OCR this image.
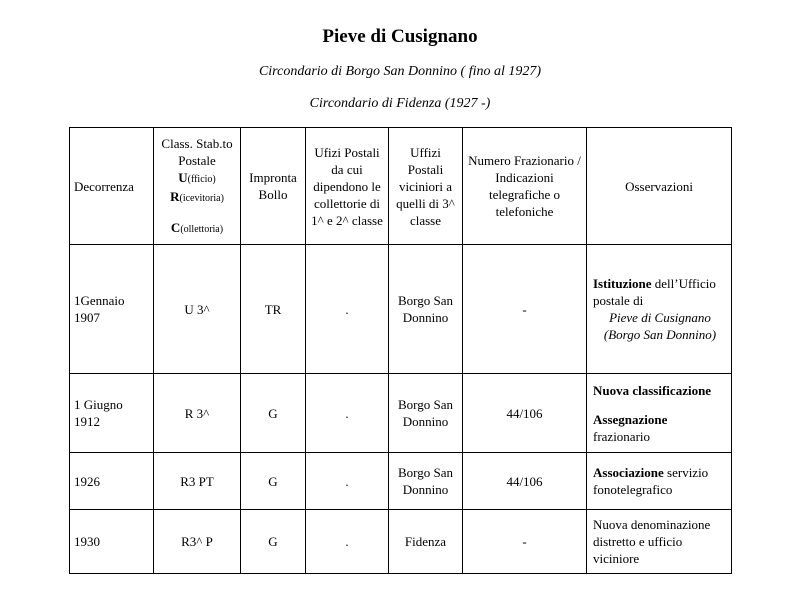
Pieve di Cusignano
Circondario di Borgo San Donnino ( fino al 1927)
Circondario di Fidenza (1927 -)
Decorrenza	Class. Stab.to Postale
U(fficio)
R(icevitoria)
C(ollettoria)	Impronta Bollo	Ufizi Postali da cui dipendono le collettorie di 1^ e 2^ classe	Uffizi Postali viciniori a quelli di 3^ classe	Numero Frazionario / Indicazioni telegrafiche o telefoniche	Osservazioni
1Gennaio 1907	U 3^	TR	.	Borgo San Donnino	-	Istituzione dell’Ufficio postale di
Pieve di Cusignano
(Borgo San Donnino)

1 Giugno 1912	R 3^	G	.	Borgo San Donnino	44/106	Nuova classificazione
Assegnazione
frazionario

1926	R3 PT	G	.	Borgo San Donnino	44/106	Associazione servizio fonotelegrafico
1930	R3^ P	G	.	Fidenza	-	Nuova denominazione distretto e ufficio viciniore
